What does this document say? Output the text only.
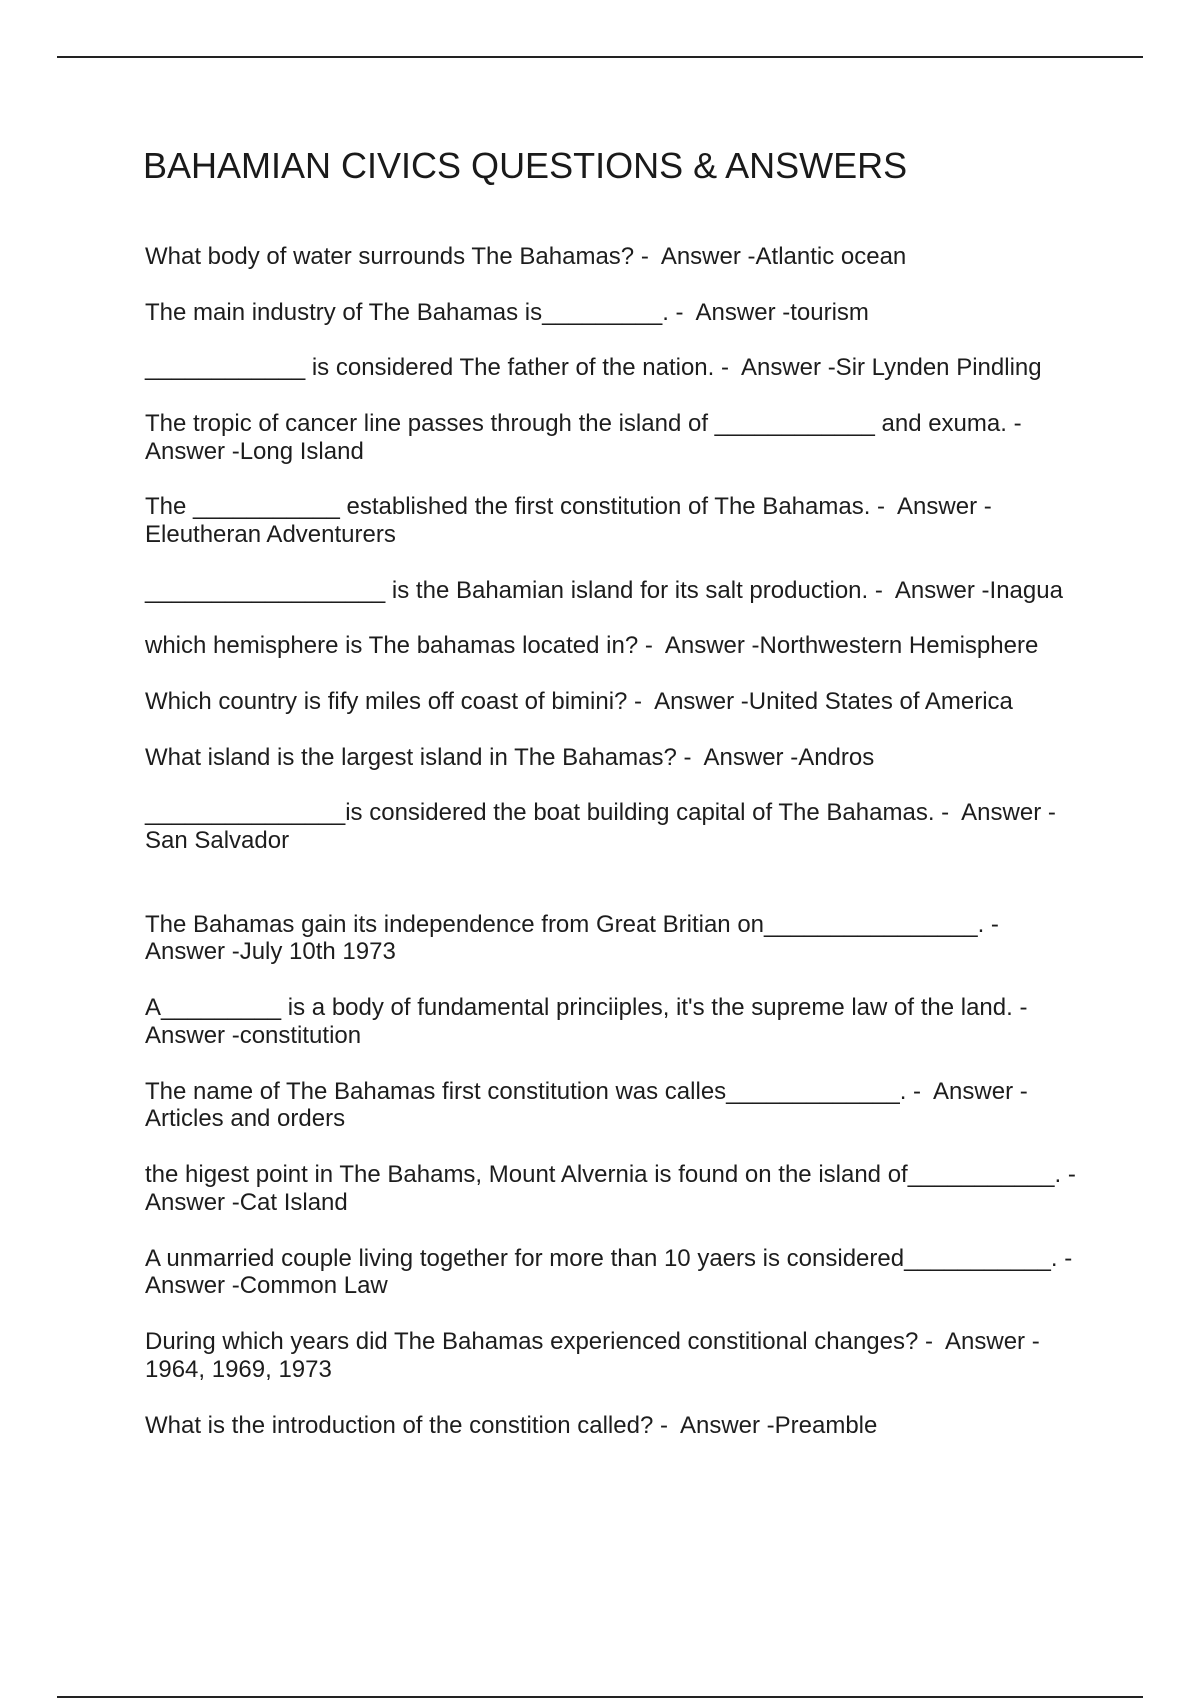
BAHAMIAN CIVICS QUESTIONS & ANSWERS

What body of water surrounds The Bahamas? -  Answer -Atlantic ocean

The main industry of The Bahamas is_________. -  Answer -tourism

____________ is considered The father of the nation. -  Answer -Sir Lynden Pindling

The tropic of cancer line passes through the island of ____________ and exuma. -
Answer -Long Island

The ___________ established the first constitution of The Bahamas. -  Answer -
Eleutheran Adventurers

__________________ is the Bahamian island for its salt production. -  Answer -Inagua

which hemisphere is The bahamas located in? -  Answer -Northwestern Hemisphere

Which country is fify miles off coast of bimini? -  Answer -United States of America

What island is the largest island in The Bahamas? -  Answer -Andros

_______________is considered the boat building capital of The Bahamas. -  Answer -
San Salvador

The Bahamas gain its independence from Great Britian on________________. -
Answer -July 10th 1973

A_________ is a body of fundamental princiiples, it's the supreme law of the land. -
Answer -constitution

The name of The Bahamas first constitution was calles_____________. -  Answer -
Articles and orders

the higest point in The Bahams, Mount Alvernia is found on the island of___________. -
Answer -Cat Island

A unmarried couple living together for more than 10 yaers is considered___________. -
Answer -Common Law

During which years did The Bahamas experienced constitional changes? -  Answer -
1964, 1969, 1973

What is the introduction of the constition called? -  Answer -Preamble
